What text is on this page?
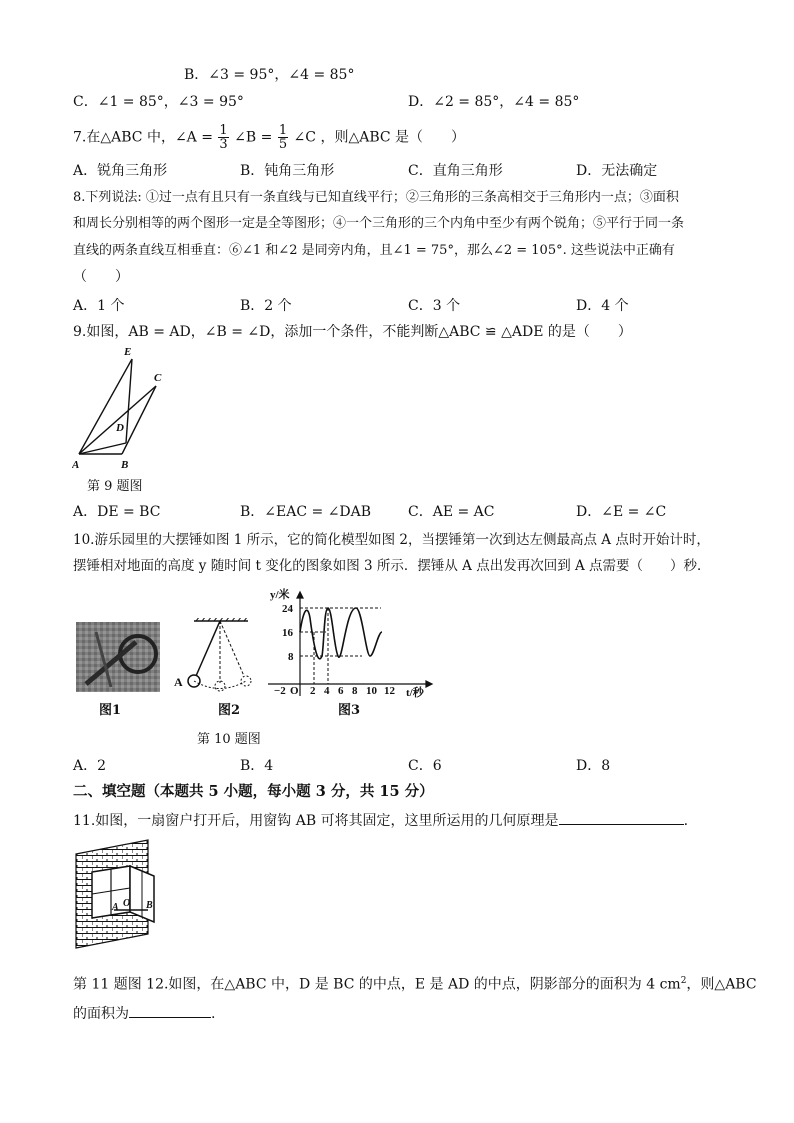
B．∠3 = 95°，∠4 = 85°
C．∠1 = 85°，∠3 = 95°	D．∠2 = 85°，∠4 = 85°
7.在△ABC 中，∠A = $\frac{1}{3}$ ∠B = $\frac{1}{5}$ ∠C ，则△ABC 是（　　）
A．锐角三角形	B．钝角三角形	C．直角三角形	D．无法确定
8.下列说法: ①过一点有且只有一条直线与已知直线平行；②三角形的三条高相交于三角形内一点；③面积
和周长分别相等的两个图形一定是全等图形；④一个三角形的三个内角中至少有两个锐角；⑤平行于同一条
直线的两条直线互相垂直：⑥∠1 和∠2 是同旁内角，且∠1 = 75°，那么∠2 = 105°. 这些说法中正确有
（　　）
A．1 个	B．2 个	C．3 个	D．4 个
9.如图，AB = AD，∠B = ∠D，添加一个条件，不能判断△ABC ≌ △ADE 的是（　　）
E
C
D
A	B
第 9 题图
A．DE = BC	B．∠EAC = ∠DAB	C．AE = AC	D．∠E = ∠C
10.游乐园里的大摆锤如图 1 所示，它的简化模型如图 2，当摆锤第一次到达左侧最高点 A 点时开始计时，
摆锤相对地面的高度 y 随时间 t 变化的图象如图 3 所示．摆锤从 A 点出发再次回到 A 点需要（　　）秒．
图1
A
图2
y/米
t/秒
24
16
8
−2 O 2 4 6 8 10 12
图3
第 10 题图
A．2	B．4	C．6	D．8
二、填空题（本题共 5 小题，每小题 3 分，共 15 分）
11.如图，一扇窗户打开后，用窗钩 AB 可将其固定，这里所运用的几何原理是	.
A O B
第 11 题图 12.如图，在△ABC 中，D 是 BC 的中点，E 是 AD 的中点，阴影部分的面积为 4 $cm^2$，则△ABC
的面积为	.
